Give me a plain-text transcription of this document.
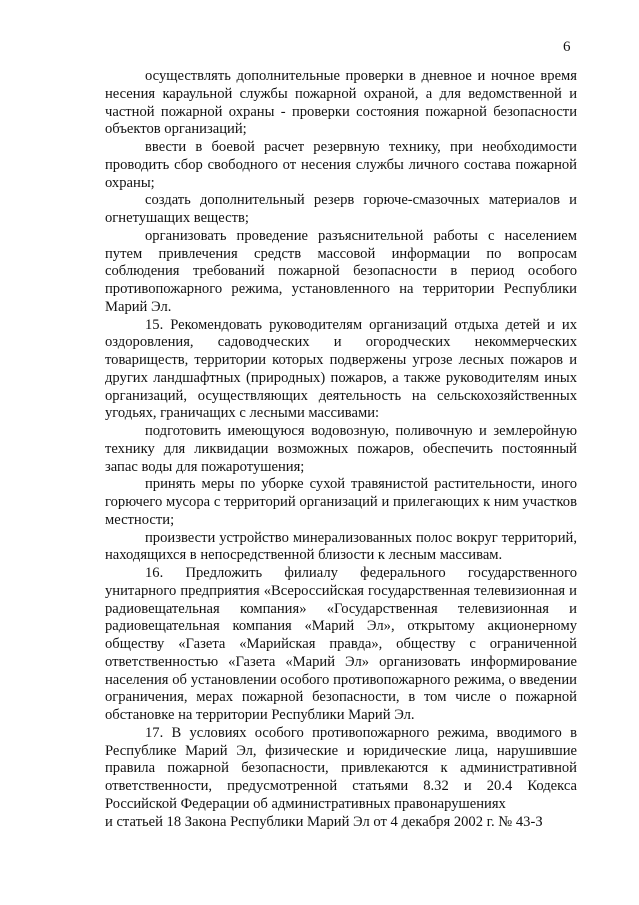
6

осуществлять дополнительные проверки в дневное и ночное время несения караульной службы пожарной охраной, а для ведомственной и частной пожарной охраны - проверки состояния пожарной безопасности объектов организаций;

ввести в боевой расчет резервную технику, при необходимости проводить сбор свободного от несения службы личного состава пожарной охраны;

создать дополнительный резерв горюче-смазочных материалов и огнетушащих веществ;

организовать проведение разъяснительной работы с населением путем привлечения средств массовой информации по вопросам соблюдения требований пожарной безопасности в период особого противопожарного режима, установленного на территории Республики Марий Эл.

15. Рекомендовать руководителям организаций отдыха детей и их оздоровления, садоводческих и огородческих некоммерческих товариществ, территории которых подвержены угрозе лесных пожаров и других ландшафтных (природных) пожаров, а также руководителям иных организаций, осуществляющих деятельность на сельскохозяйственных угодьях, граничащих с лесными массивами:

подготовить имеющуюся водовозную, поливочную и землеройную технику для ликвидации возможных пожаров, обеспечить постоянный запас воды для пожаротушения;

принять меры по уборке сухой травянистой растительности, иного горючего мусора с территорий организаций и прилегающих к ним участков местности;

произвести устройство минерализованных полос вокруг территорий, находящихся в непосредственной близости к лесным массивам.

16. Предложить филиалу федерального государственного унитарного предприятия «Всероссийская государственная телевизионная и радиовещательная компания» «Государственная телевизионная и радиовещательная компания «Марий Эл», открытому акционерному обществу «Газета «Марийская правда», обществу с ограниченной ответственностью «Газета «Марий Эл» организовать информирование населения об установлении особого противопожарного режима, о введении ограничения, мерах пожарной безопасности, в том числе о пожарной обстановке на территории Республики Марий Эл.

17. В условиях особого противопожарного режима, вводимого в Республике Марий Эл, физические и юридические лица, нарушившие правила пожарной безопасности, привлекаются к административной ответственности, предусмотренной статьями 8.32 и 20.4 Кодекса Российской Федерации об административных правонарушениях

и статьей 18 Закона Республики Марий Эл от 4 декабря 2002 г. № 43-З
